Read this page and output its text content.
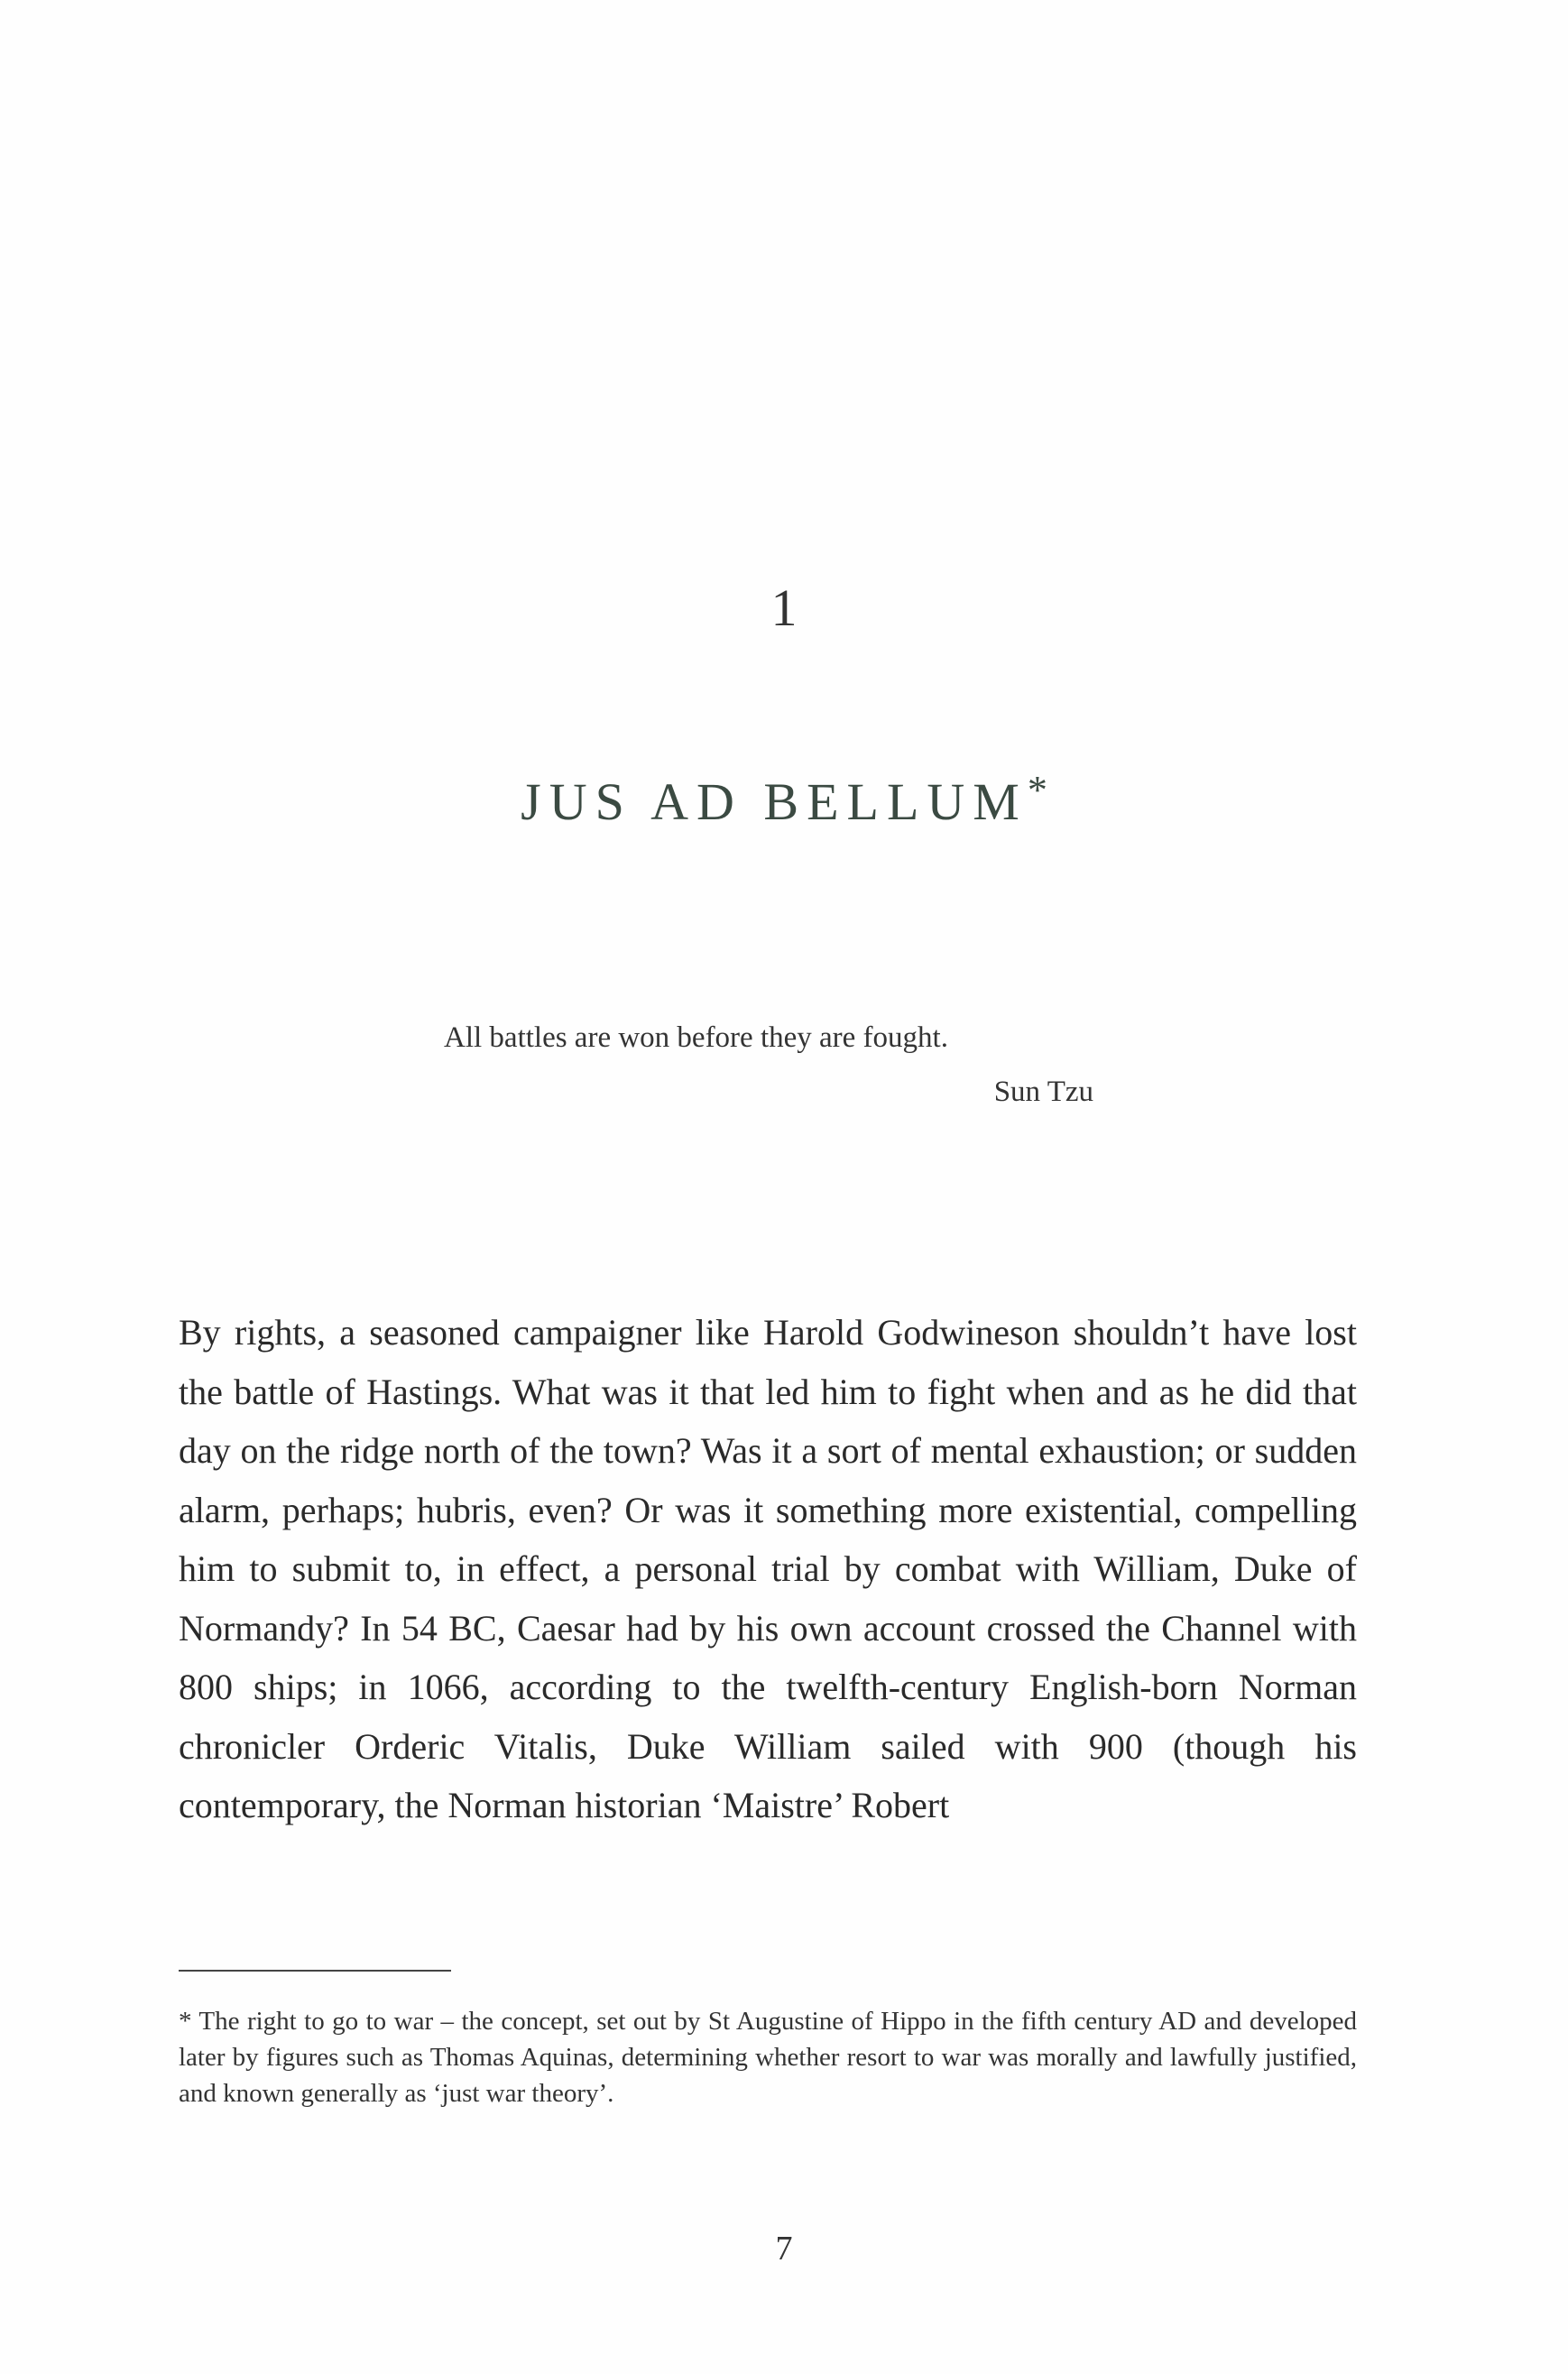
1
JUS AD BELLUM*

All battles are won before they are fought.

Sun Tzu

By rights, a seasoned campaigner like Harold Godwineson shouldn’t have lost the battle of Hastings. What was it that led him to fight when and as he did that day on the ridge north of the town? Was it a sort of mental exhaustion; or sudden alarm, perhaps; hubris, even? Or was it something more existential, compelling him to submit to, in effect, a personal trial by combat with William, Duke of Normandy? In 54 BC, Caesar had by his own account crossed the Channel with 800 ships; in 1066, according to the twelfth-century English-born Norman chronicler Orderic Vitalis, Duke William sailed with 900 (though his contemporary, the Norman historian ‘Maistre’ Robert

* The right to go to war – the concept, set out by St Augustine of Hippo in the fifth century AD and developed later by figures such as Thomas Aquinas, determining whether resort to war was morally and lawfully justified, and known generally as ‘just war theory’.

7
